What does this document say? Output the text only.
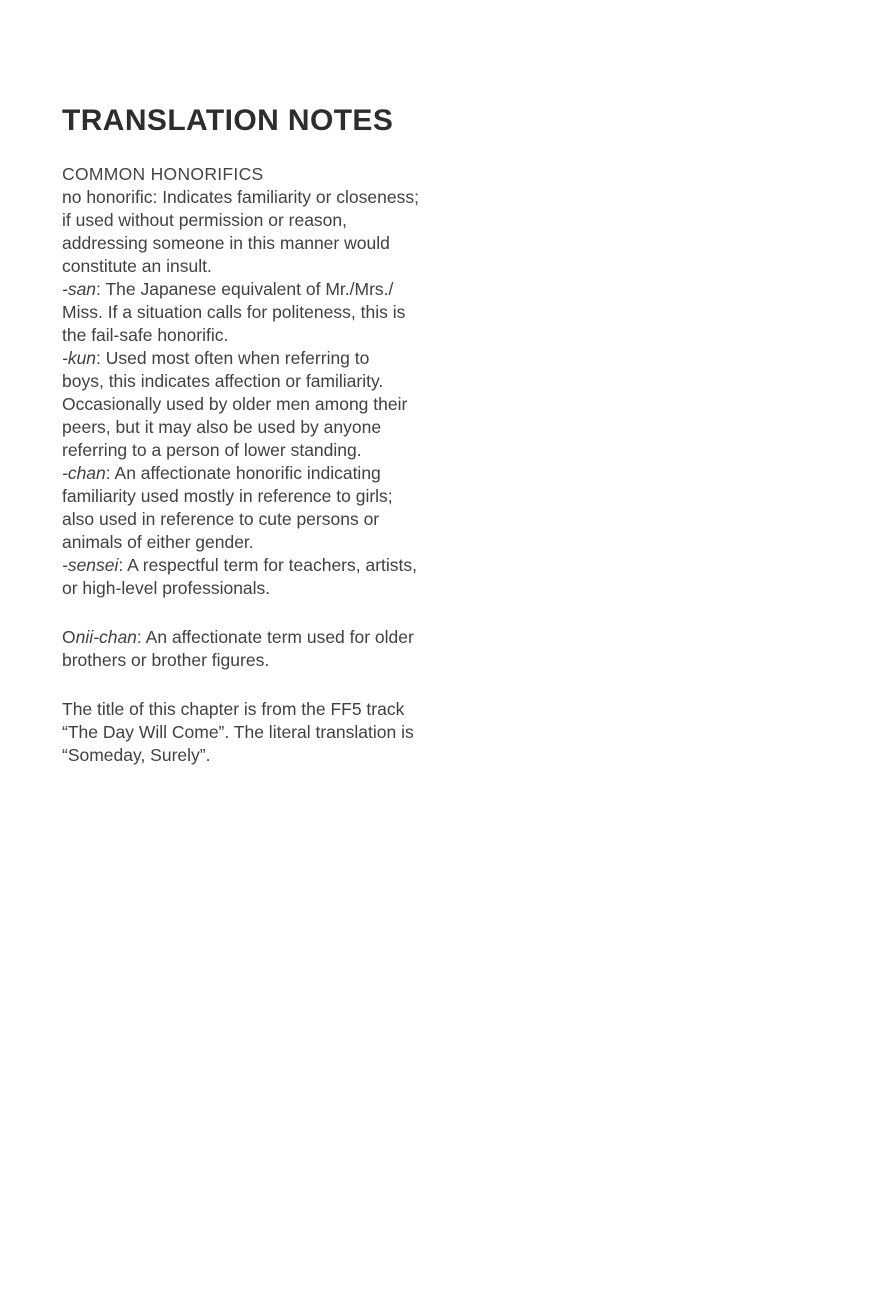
TRANSLATION NOTES
COMMON HONORIFICS
no honorific: Indicates familiarity or closeness;
if used without permission or reason,
addressing someone in this manner would
constitute an insult.
-san: The Japanese equivalent of Mr./Mrs./
Miss. If a situation calls for politeness, this is
the fail-safe honorific.
-kun: Used most often when referring to
boys, this indicates affection or familiarity.
Occasionally used by older men among their
peers, but it may also be used by anyone
referring to a person of lower standing.
-chan: An affectionate honorific indicating
familiarity used mostly in reference to girls;
also used in reference to cute persons or
animals of either gender.
-sensei: A respectful term for teachers, artists,
or high-level professionals.
Onii-chan: An affectionate term used for older
brothers or brother figures.
The title of this chapter is from the FF5 track
“The Day Will Come”. The literal translation is
“Someday, Surely”.
